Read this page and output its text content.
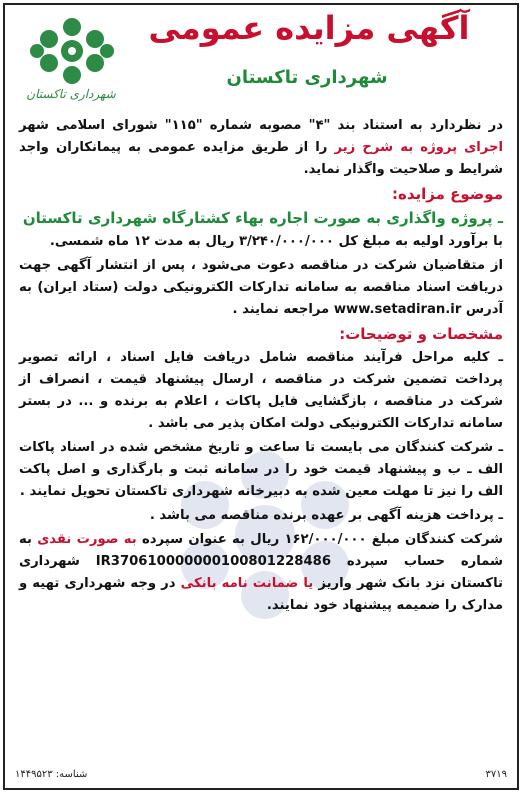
شهرداری تاکستان
آگهی مزایده عمومی
شهرداری تاکستان

در نظردارد به استناد بند "۴" مصوبه شماره "۱۱۵" شورای اسلامی شهر اجرای پروژه به شرح زیر را از طریق مزایده عمومی به پیمانکاران واجد شرایط و صلاحیت واگذار نماید.

موضوع مزایده:

ـ پروژه واگذاری به صورت اجاره بهاء کشتارگاه شهرداری تاکستان

با برآورد اولیه به مبلغ کل ۳/۲۴۰/۰۰۰/۰۰۰ ریال به مدت ۱۲ ماه شمسی.

از متقاضیان شرکت در مناقصه دعوت می‌شود ، پس از انتشار آگهی جهت دریافت اسناد مناقصه به سامانه تدارکات الکترونیکی دولت (ستاد ایران) به آدرس www.setadiran.ir مراجعه نمایند .

مشخصات و توضیحات:

ـ کلیه مراحل فرآیند مناقصه شامل دریافت فایل اسناد ، ارائه تصویر پرداخت تضمین شرکت در مناقصه ، ارسال پیشنهاد قیمت ، انصراف از شرکت در مناقصه ، بازگشایی فایل پاکات ، اعلام به برنده و ... در بستر سامانه تدارکات الکترونیکی دولت امکان پذیر می باشد .

ـ شرکت کنندگان می بایست تا ساعت و تاریخ مشخص شده در اسناد پاکات الف ـ ب و پیشنهاد قیمت خود را در سامانه ثبت و بارگذاری و اصل پاکت الف را نیز تا مهلت معین شده به دبیرخانه شهرداری تاکستان تحویل نمایند .

ـ پرداخت هزینه آگهی بر عهده برنده مناقصه می باشد .

شرکت کنندگان مبلغ ۱۶۲/۰۰۰/۰۰۰ ریال به عنوان سپرده به صورت نقدی به شماره حساب سپرده IR370610000000100801228486 شهرداری تاکستان نزد بانک شهر واریز یا ضمانت نامه بانکی در وجه شهرداری تهیه و مدارک را ضمیمه پیشنهاد خود نمایند.

شناسه: ۱۴۴۹۵۲۳	۳۷۱۹
